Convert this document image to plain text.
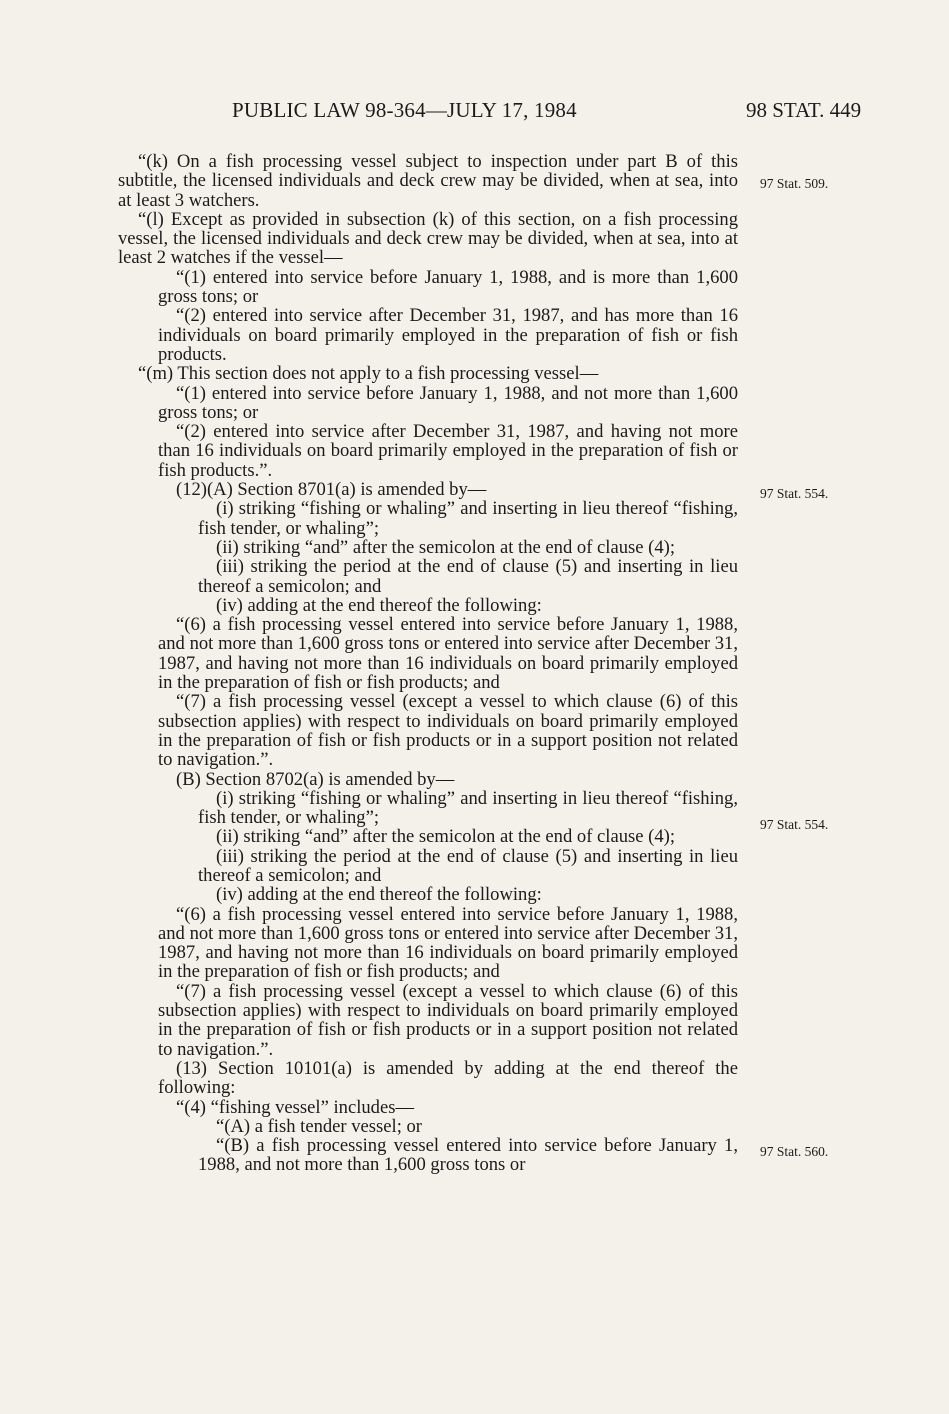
PUBLIC LAW 98-364—JULY 17, 1984	98 STAT. 449
97 Stat. 509.
97 Stat. 554.
97 Stat. 554.
97 Stat. 560.

“(k) On a fish processing vessel subject to inspection under part B of this subtitle, the licensed individuals and deck crew may be divided, when at sea, into at least 3 watchers.

“(l) Except as provided in subsection (k) of this section, on a fish processing vessel, the licensed individuals and deck crew may be divided, when at sea, into at least 2 watches if the vessel—

“(1) entered into service before January 1, 1988, and is more than 1,600 gross tons; or

“(2) entered into service after December 31, 1987, and has more than 16 individuals on board primarily employed in the preparation of fish or fish products.

“(m) This section does not apply to a fish processing vessel—

“(1) entered into service before January 1, 1988, and not more than 1,600 gross tons; or

“(2) entered into service after December 31, 1987, and having not more than 16 individuals on board primarily employed in the preparation of fish or fish products.”.

(12)(A) Section 8701(a) is amended by—

(i) striking “fishing or whaling” and inserting in lieu thereof “fishing, fish tender, or whaling”;

(ii) striking “and” after the semicolon at the end of clause (4);

(iii) striking the period at the end of clause (5) and inserting in lieu thereof a semicolon; and

(iv) adding at the end thereof the following:

“(6) a fish processing vessel entered into service before January 1, 1988, and not more than 1,600 gross tons or entered into service after December 31, 1987, and having not more than 16 individuals on board primarily employed in the preparation of fish or fish products; and

“(7) a fish processing vessel (except a vessel to which clause (6) of this subsection applies) with respect to individuals on board primarily employed in the preparation of fish or fish products or in a support position not related to navigation.”.

(B) Section 8702(a) is amended by—

(i) striking “fishing or whaling” and inserting in lieu thereof “fishing, fish tender, or whaling”;

(ii) striking “and” after the semicolon at the end of clause (4);

(iii) striking the period at the end of clause (5) and inserting in lieu thereof a semicolon; and

(iv) adding at the end thereof the following:

“(6) a fish processing vessel entered into service before January 1, 1988, and not more than 1,600 gross tons or entered into service after December 31, 1987, and having not more than 16 individuals on board primarily employed in the preparation of fish or fish products; and

“(7) a fish processing vessel (except a vessel to which clause (6) of this subsection applies) with respect to individuals on board primarily employed in the preparation of fish or fish products or in a support position not related to navigation.”.

(13) Section 10101(a) is amended by adding at the end thereof the following:

“(4) “fishing vessel” includes—

“(A) a fish tender vessel; or

“(B) a fish processing vessel entered into service before January 1, 1988, and not more than 1,600 gross tons or
